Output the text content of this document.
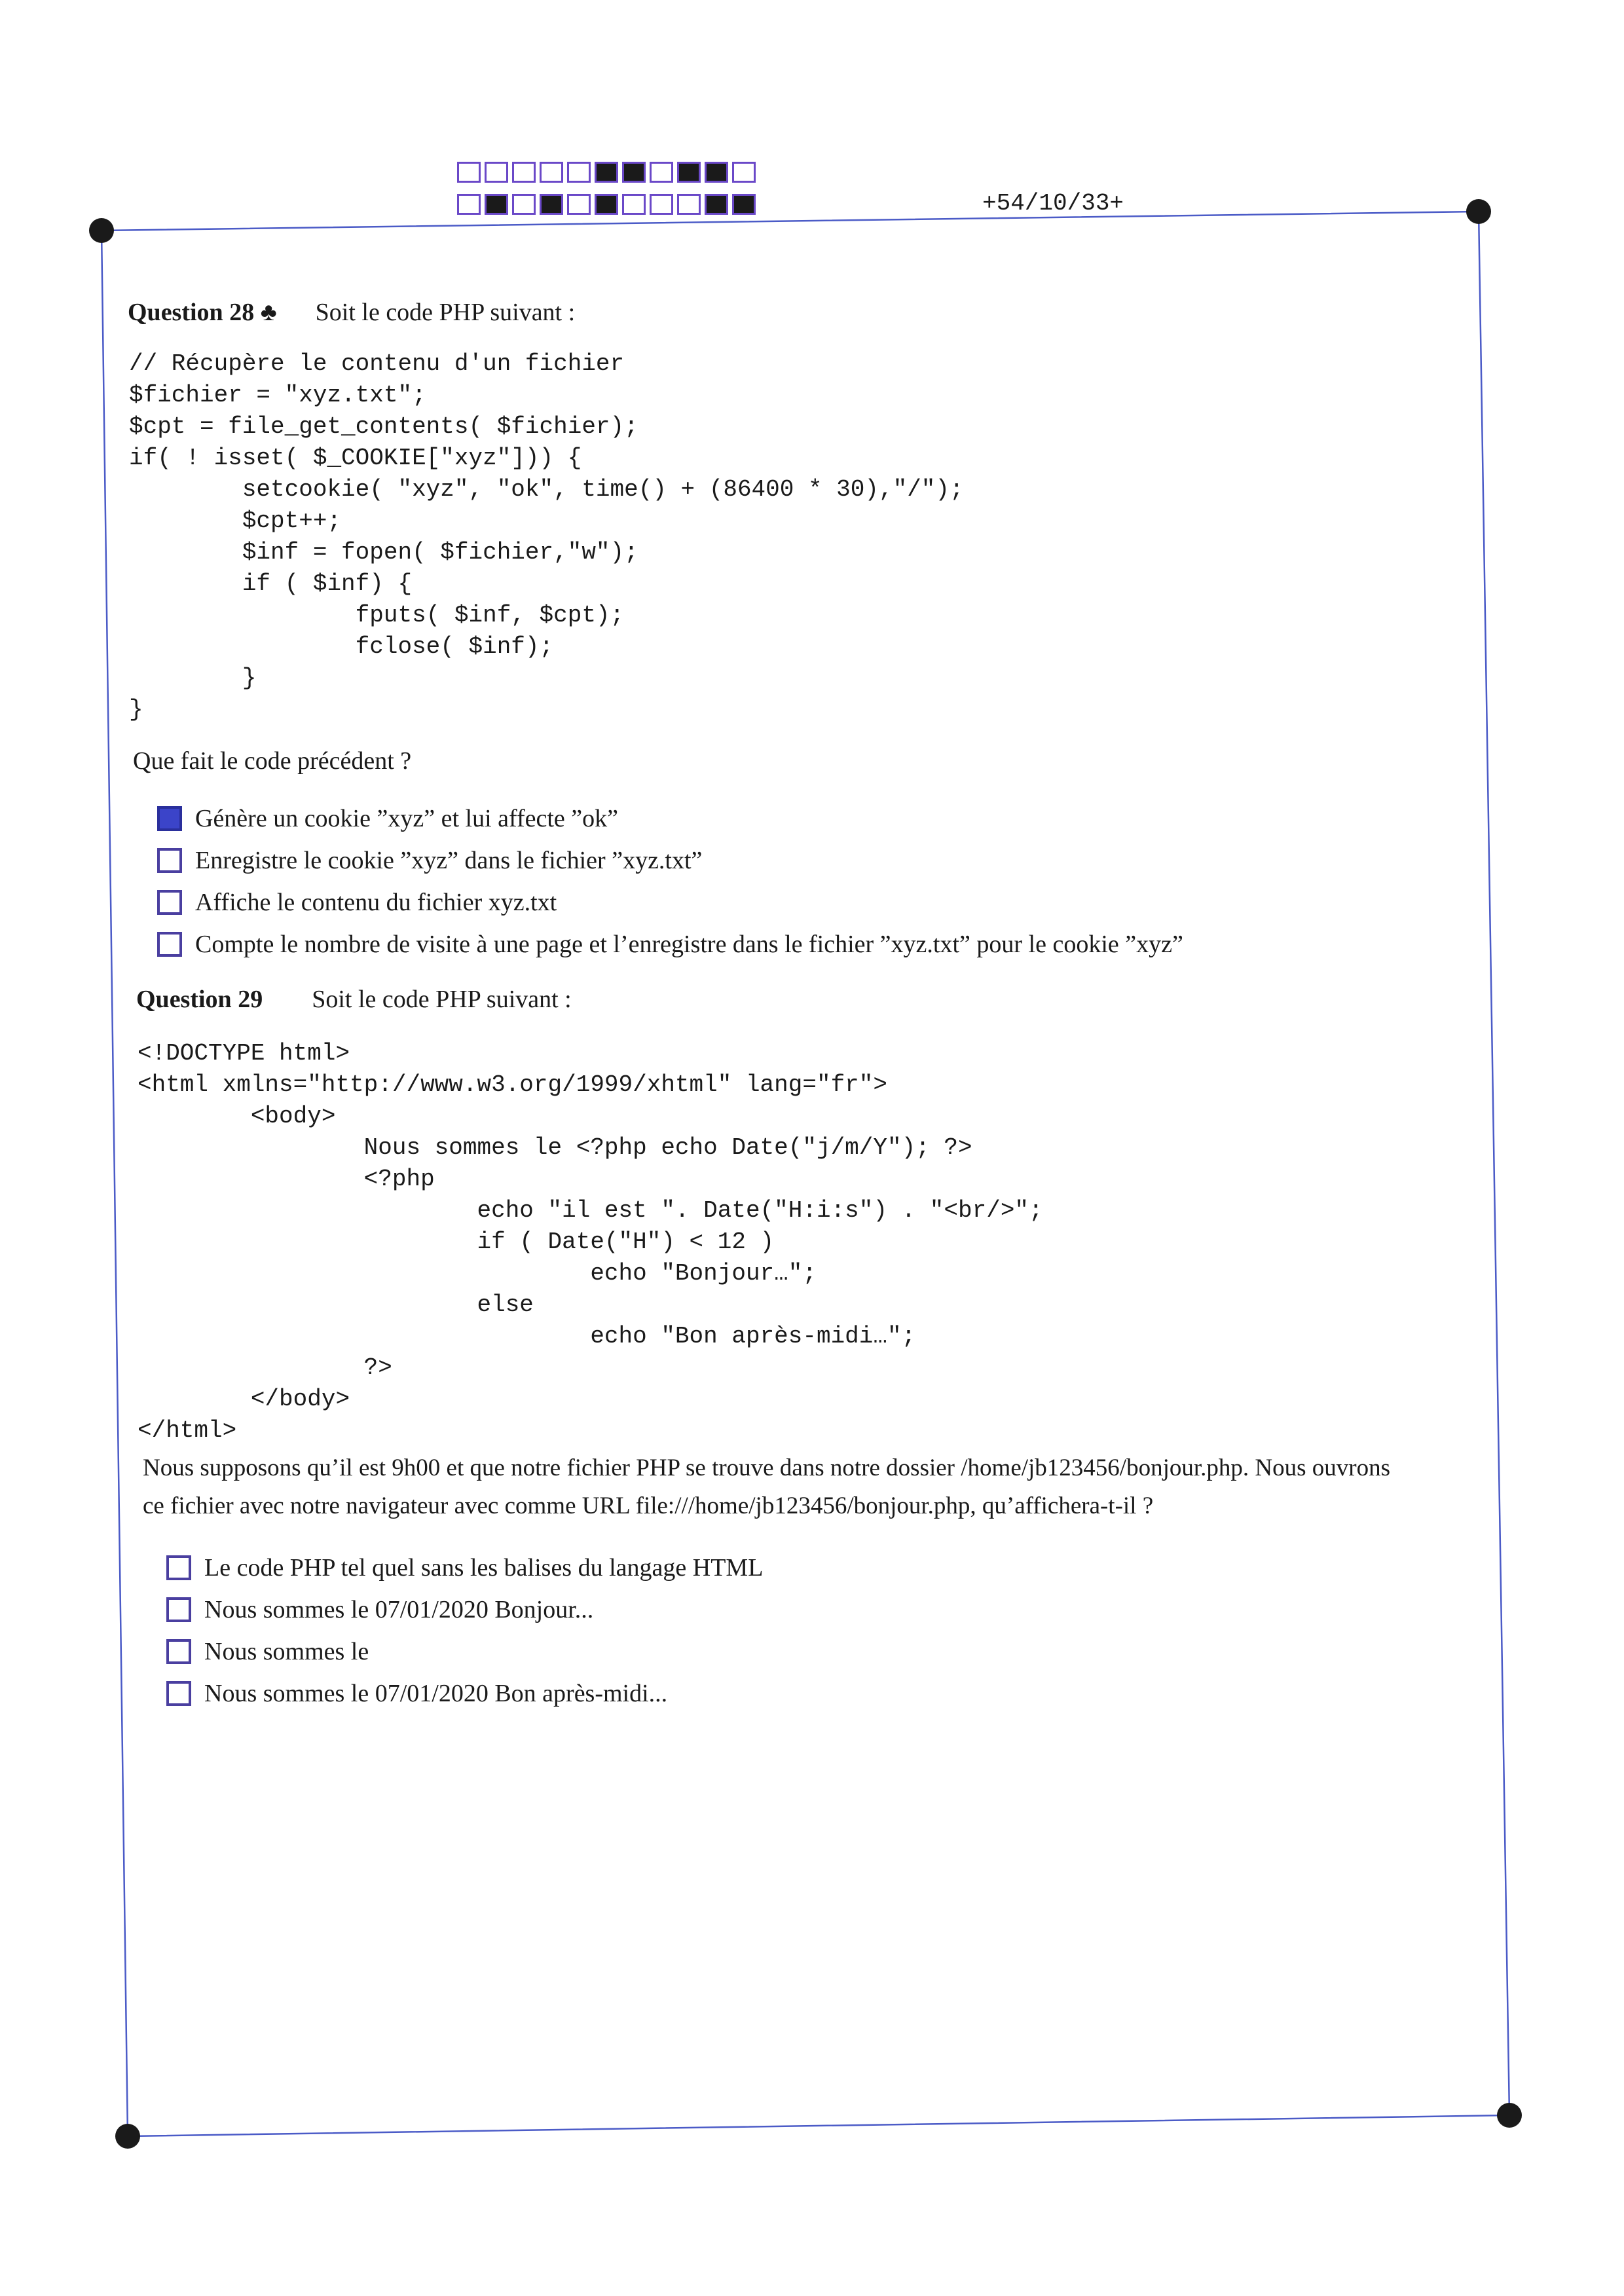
+54/10/33+
Question 28 ♣ Soit le code PHP suivant :
// Récupère le contenu d'un fichier
$fichier = "xyz.txt";
$cpt = file_get_contents( $fichier);
if( ! isset( $_COOKIE["xyz"])) {
setcookie( "xyz", "ok", time() + (86400 * 30),"/");
$cpt++;
$inf = fopen( $fichier,"w");
if ( $inf) {
fputs( $inf, $cpt);
fclose( $inf);
}
}
Que fait le code précédent ?
Génère un cookie ”xyz” et lui affecte ”ok”
Enregistre le cookie ”xyz” dans le fichier ”xyz.txt”
Affiche le contenu du fichier xyz.txt
Compte le nombre de visite à une page et l’enregistre dans le fichier ”xyz.txt” pour le cookie ”xyz”
Question 29 Soit le code PHP suivant :
<!DOCTYPE html>
<html xmlns="http://www.w3.org/1999/xhtml" lang="fr">
<body>
Nous sommes le <?php echo Date("j/m/Y"); ?>
<?php
echo "il est ". Date("H:i:s") . "<br/>";
if ( Date("H") < 12 )
echo "Bonjour…";
else
echo "Bon après-midi…";
?>
</body>
</html>
Nous supposons qu’il est 9h00 et que notre fichier PHP se trouve dans notre dossier /home/jb123456/bonjour.php. Nous ouvrons
ce fichier avec notre navigateur avec comme URL file:///home/jb123456/bonjour.php, qu’affichera-t-il ?
Le code PHP tel quel sans les balises du langage HTML
Nous sommes le 07/01/2020 Bonjour...
Nous sommes le
Nous sommes le 07/01/2020 Bon après-midi...
